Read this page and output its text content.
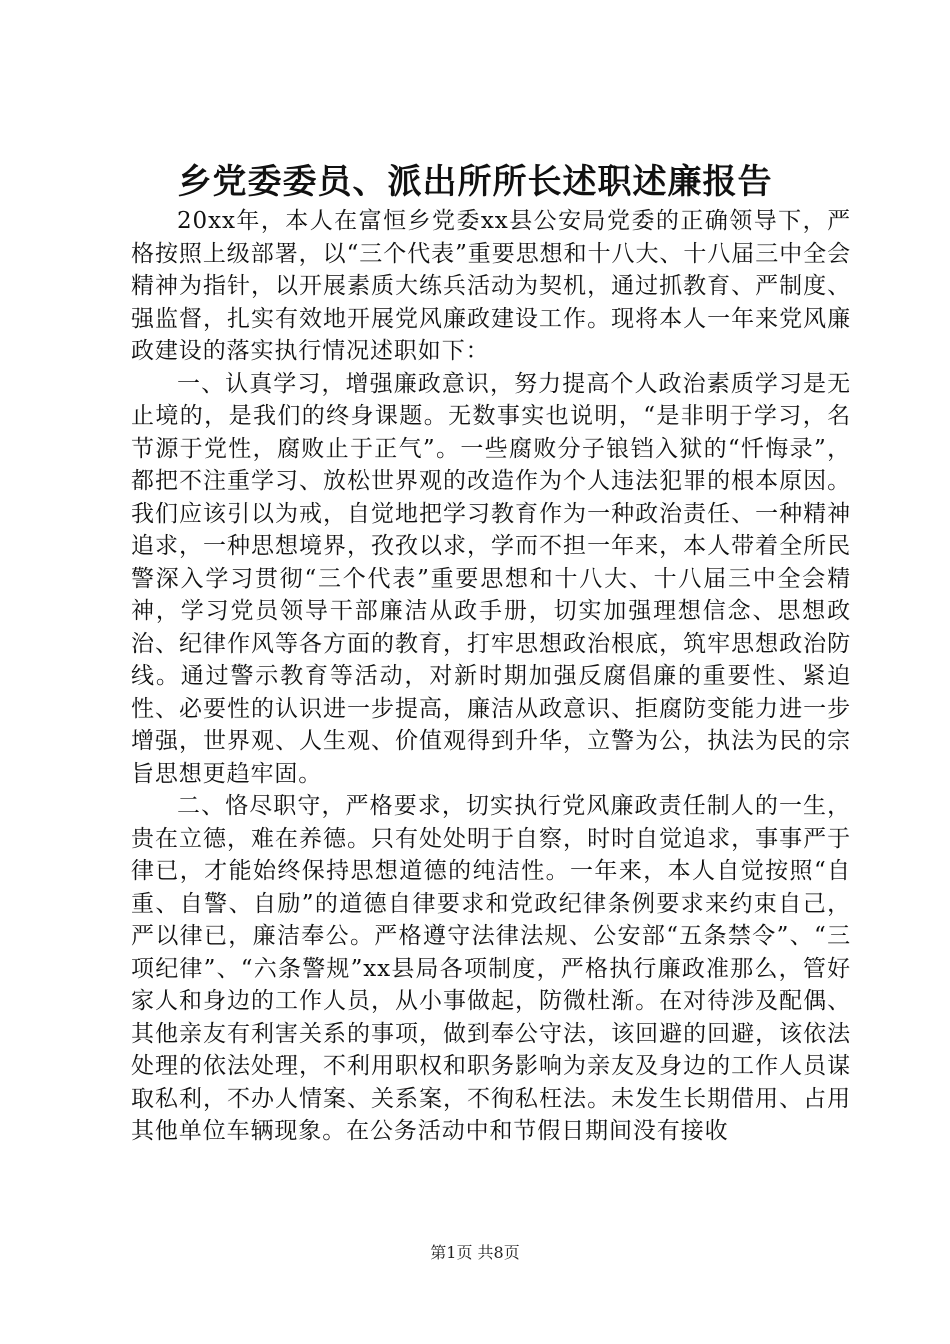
乡党委委员、派出所所长述职述廉报告

20xx年，本人在富恒乡党委xx县公安局党委的正确领导下，严格按照上级部署，以“三个代表”重要思想和十八大、十八届三中全会精神为指针，以开展素质大练兵活动为契机，通过抓教育、严制度、强监督，扎实有效地开展党风廉政建设工作。现将本人一年来党风廉政建设的落实执行情况述职如下：

一、认真学习，增强廉政意识，努力提高个人政治素质学习是无止境的，是我们的终身课题。无数事实也说明，“是非明于学习，名节源于党性，腐败止于正气”。一些腐败分子锒铛入狱的“忏悔录”，都把不注重学习、放松世界观的改造作为个人违法犯罪的根本原因。我们应该引以为戒，自觉地把学习教育作为一种政治责任、一种精神追求，一种思想境界，孜孜以求，学而不担一年来，本人带着全所民警深入学习贯彻“三个代表”重要思想和十八大、十八届三中全会精神，学习党员领导干部廉洁从政手册，切实加强理想信念、思想政治、纪律作风等各方面的教育，打牢思想政治根底，筑牢思想政治防线。通过警示教育等活动，对新时期加强反腐倡廉的重要性、紧迫性、必要性的认识进一步提高，廉洁从政意识、拒腐防变能力进一步增强，世界观、人生观、价值观得到升华，立警为公，执法为民的宗旨思想更趋牢固。

二、恪尽职守，严格要求，切实执行党风廉政责任制人的一生，贵在立德，难在养德。只有处处明于自察，时时自觉追求，事事严于律已，才能始终保持思想道德的纯洁性。一年来，本人自觉按照“自重、自警、自励”的道德自律要求和党政纪律条例要求来约束自己，严以律已，廉洁奉公。严格遵守法律法规、公安部“五条禁令”、“三项纪律”、“六条警规”xx县局各项制度，严格执行廉政准那么，管好家人和身边的工作人员，从小事做起，防微杜渐。在对待涉及配偶、其他亲友有利害关系的事项，做到奉公守法，该回避的回避，该依法处理的依法处理，不利用职权和职务影响为亲友及身边的工作人员谋取私利，不办人情案、关系案，不徇私枉法。未发生长期借用、占用其他单位车辆现象。在公务活动中和节假日期间没有接收

第1页 共8页
